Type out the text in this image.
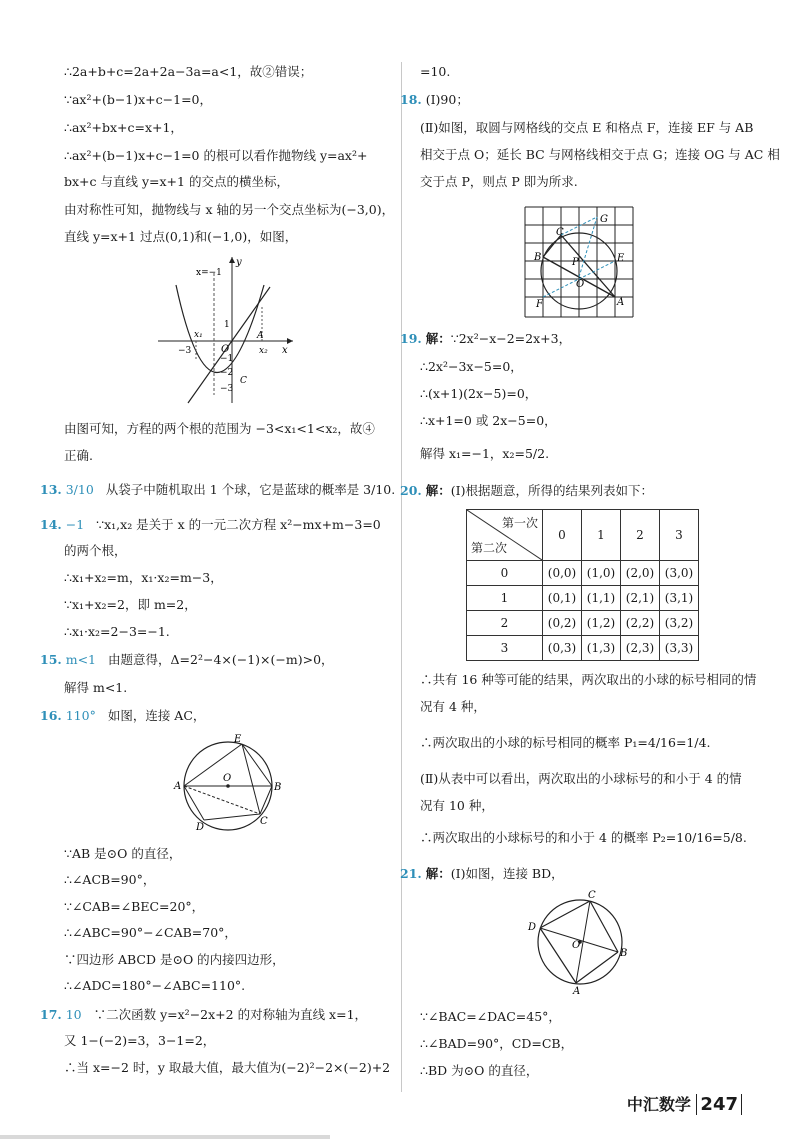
∴2a+b+c=2a+2a−3a=a<1，故②错误；
∵ax²+(b−1)x+c−1=0，
∴ax²+bx+c=x+1，
∴ax²+(b−1)x+c−1=0 的根可以看作抛物线 y=ax²+
bx+c 与直线 y=x+1 的交点的横坐标，
由对称性可知，抛物线与 x 轴的另一个交点坐标为(−3,0)，
直线 y=x+1 过点(0,1)和(−1,0)，如图，
x
y
x=−1
O
x₁
x₂
−3
1
−1
−2
−3
A
C
由图可知，方程的两个根的范围为 −3<x₁<1<x₂，故④
正确.
13. 3/10 从袋子中随机取出 1 个球，它是蓝球的概率是 3/10.
14. −1 ∵x₁,x₂ 是关于 x 的一元二次方程 x²−mx+m−3=0
的两个根，
∴x₁+x₂=m，x₁·x₂=m−3，
∵x₁+x₂=2，即 m=2，
∴x₁·x₂=2−3=−1.
15. m<1 由题意得，Δ=2²−4×(−1)×(−m)>0，
解得 m<1.
16. 110° 如图，连接 AC，
A	B
C
D
E
O
∵AB 是⊙O 的直径，
∴∠ACB=90°，
∵∠CAB=∠BEC=20°，
∴∠ABC=90°−∠CAB=70°，
∵四边形 ABCD 是⊙O 的内接四边形，
∴∠ADC=180°−∠ABC=110°.
17. 10 ∵二次函数 y=x²−2x+2 的对称轴为直线 x=1，
又 1−(−2)=3，3−1=2，
∴当 x=−2 时，y 取最大值，最大值为(−2)²−2×(−2)+2
=10.
18. (Ⅰ)90；
(Ⅱ)如图，取圆与网格线的交点 E 和格点 F，连接 EF 与 AB
相交于点 O；延长 BC 与网格线相交于点 G；连接 OG 与 AC 相
交于点 P，则点 P 即为所求.
B
C
G
E
P
O
F	A
19. 解：∵2x²−x−2=2x+3，
∴2x²−3x−5=0，
∴(x+1)(2x−5)=0，
∴x+1=0 或 2x−5=0，
解得 x₁=−1，x₂=5/2.
20. 解：(Ⅰ)根据题意，所得的结果列表如下：
第一次
第二次	0	1	2	3
0	(0,0)	(1,0)	(2,0)	(3,0)
1	(0,1)	(1,1)	(2,1)	(3,1)
2	(0,2)	(1,2)	(2,2)	(3,2)
3	(0,3)	(1,3)	(2,3)	(3,3)
∴共有 16 种等可能的结果，两次取出的小球的标号相同的情
况有 4 种，
∴两次取出的小球的标号相同的概率 P₁=4/16=1/4.
(Ⅱ)从表中可以看出，两次取出的小球标号的和小于 4 的情
况有 10 种，
∴两次取出的小球标号的和小于 4 的概率 P₂=10/16=5/8.
21. 解：(Ⅰ)如图，连接 BD，
C
D
B
A
O
∵∠BAC=∠DAC=45°，
∴∠BAD=90°，CD=CB，
∴BD 为⊙O 的直径，
中汇数学 247
